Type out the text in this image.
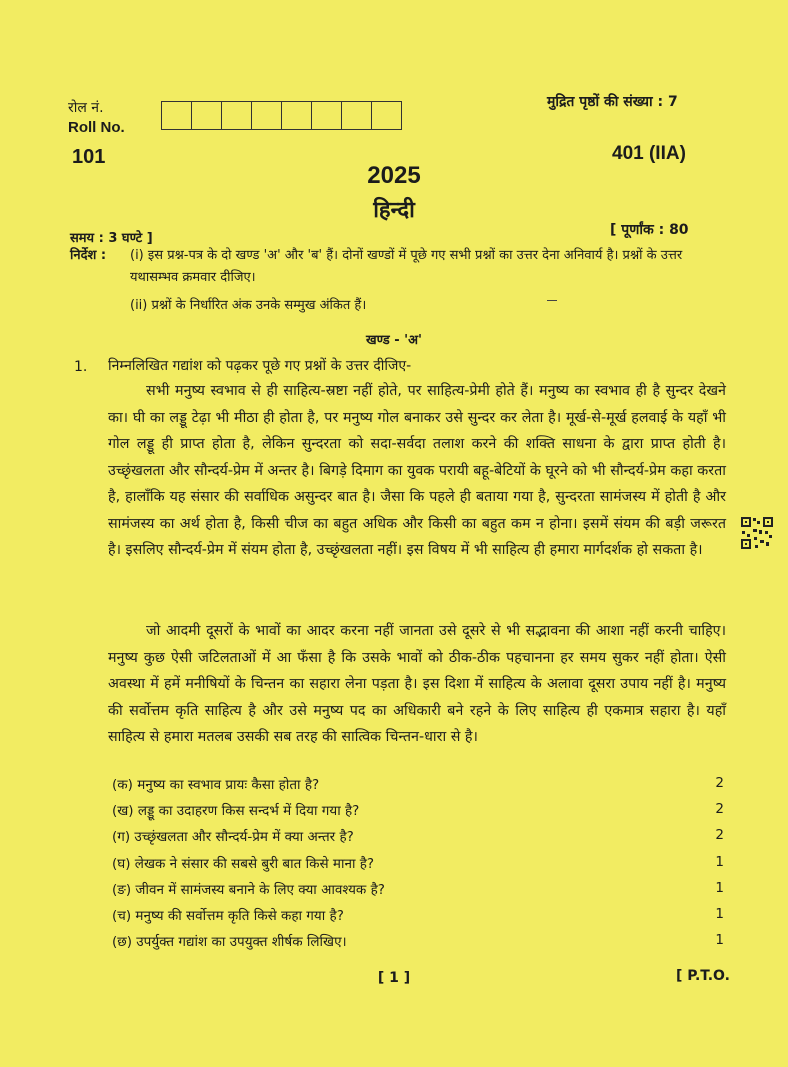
रोल नं.
Roll No.
मुद्रित पृष्ठों की संख्या : 7
101	401 (IIA)
2025
हिन्दी
समय : 3 घण्टे ]
[ पूर्णांक : 80
निर्देश :	(i) इस प्रश्न-पत्र के दो खण्ड 'अ' और 'ब' हैं। दोनों खण्डों में पूछे गए सभी प्रश्नों का उत्तर देना अनिवार्य है। प्रश्नों के उत्तर यथासम्भव क्रमवार दीजिए।
(ii) प्रश्नों के निर्धारित अंक उनके सम्मुख अंकित हैं।
खण्ड - 'अ'
1. निम्नलिखित गद्यांश को पढ़कर पूछे गए प्रश्नों के उत्तर दीजिए-

सभी मनुष्य स्वभाव से ही साहित्य-स्रष्टा नहीं होते, पर साहित्य-प्रेमी होते हैं। मनुष्य का स्वभाव ही है सुन्दर देखने का। घी का लड्डू टेढ़ा भी मीठा ही होता है, पर मनुष्य गोल बनाकर उसे सुन्दर कर लेता है। मूर्ख-से-मूर्ख हलवाई के यहाँ भी गोल लड्डू ही प्राप्त होता है, लेकिन सुन्दरता को सदा-सर्वदा तलाश करने की शक्ति साधना के द्वारा प्राप्त होती है। उच्छृंखलता और सौन्दर्य-प्रेम में अन्तर है। बिगड़े दिमाग का युवक परायी बहू-बेटियों के घूरने को भी सौन्दर्य-प्रेम कहा करता है, हालाँकि यह संसार की सर्वाधिक असुन्दर बात है। जैसा कि पहले ही बताया गया है, सुन्दरता सामंजस्य में होती है और सामंजस्य का अर्थ होता है, किसी चीज का बहुत अधिक और किसी का बहुत कम न होना। इसमें संयम की बड़ी जरूरत है। इसलिए सौन्दर्य-प्रेम में संयम होता है, उच्छृंखलता नहीं। इस विषय में भी साहित्य ही हमारा मार्गदर्शक हो सकता है।

जो आदमी दूसरों के भावों का आदर करना नहीं जानता उसे दूसरे से भी सद्भावना की आशा नहीं करनी चाहिए। मनुष्य कुछ ऐसी जटिलताओं में आ फँसा है कि उसके भावों को ठीक-ठीक पहचानना हर समय सुकर नहीं होता। ऐसी अवस्था में हमें मनीषियों के चिन्तन का सहारा लेना पड़ता है। इस दिशा में साहित्य के अलावा दूसरा उपाय नहीं है। मनुष्य की सर्वोत्तम कृति साहित्य है और उसे मनुष्य पद का अधिकारी बने रहने के लिए साहित्य ही एकमात्र सहारा है। यहाँ साहित्य से हमारा मतलब उसकी सब तरह की सात्विक चिन्तन-धारा से है।

(क) मनुष्य का स्वभाव प्रायः कैसा होता है?	2
(ख) लड्डू का उदाहरण किस सन्दर्भ में दिया गया है?	2
(ग) उच्छृंखलता और सौन्दर्य-प्रेम में क्या अन्तर है?	2
(घ) लेखक ने संसार की सबसे बुरी बात किसे माना है?	1
(ङ) जीवन में सामंजस्य बनाने के लिए क्या आवश्यक है?	1
(च) मनुष्य की सर्वोत्तम कृति किसे कहा गया है?	1
(छ) उपर्युक्त गद्यांश का उपयुक्त शीर्षक लिखिए।	1
[ 1 ]	[ P.T.O.
